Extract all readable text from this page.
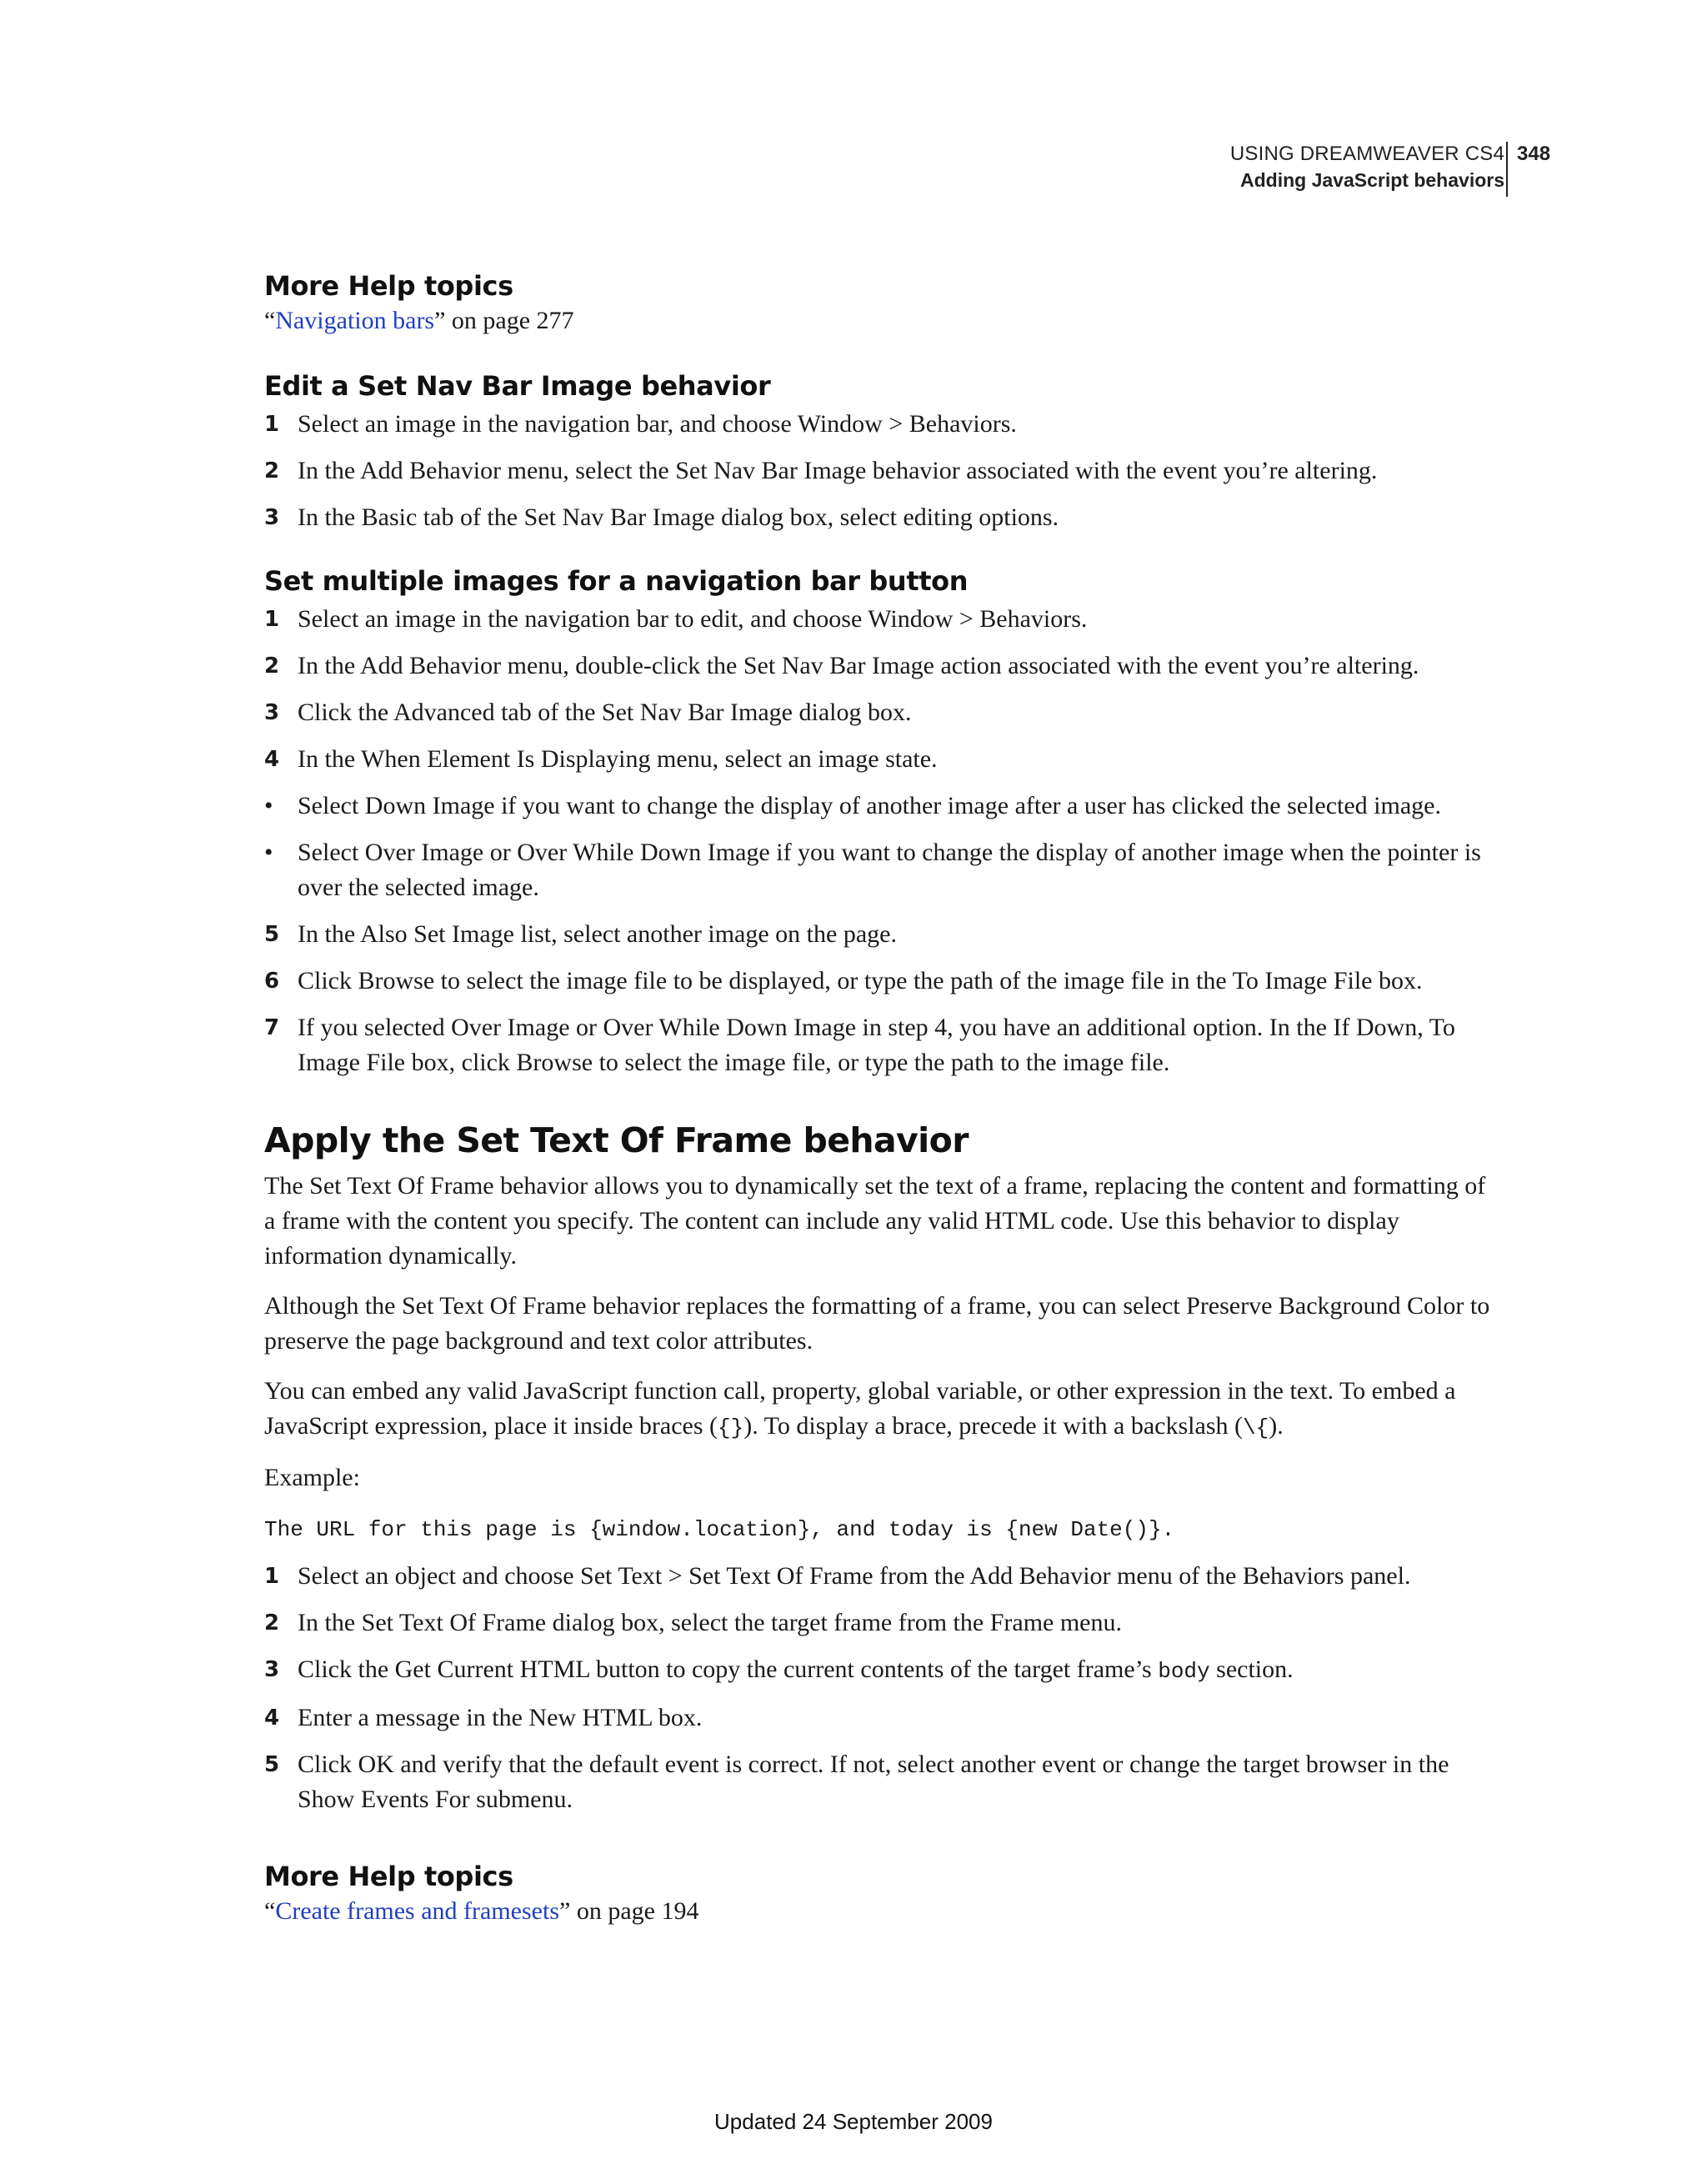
USING DREAMWEAVER CS4
Adding JavaScript behaviors
348
More Help topics

“Navigation bars” on page 277

Edit a Set Nav Bar Image behavior
1 Select an image in the navigation bar, and choose Window > Behaviors.
2 In the Add Behavior menu, select the Set Nav Bar Image behavior associated with the event you’re altering.
3 In the Basic tab of the Set Nav Bar Image dialog box, select editing options.
Set multiple images for a navigation bar button
1 Select an image in the navigation bar to edit, and choose Window > Behaviors.
2 In the Add Behavior menu, double-click the Set Nav Bar Image action associated with the event you’re altering.
3 Click the Advanced tab of the Set Nav Bar Image dialog box.
4 In the When Element Is Displaying menu, select an image state.
• Select Down Image if you want to change the display of another image after a user has clicked the selected image.
• Select Over Image or Over While Down Image if you want to change the display of another image when the pointer is over the selected image.
5 In the Also Set Image list, select another image on the page.
6 Click Browse to select the image file to be displayed, or type the path of the image file in the To Image File box.
7 If you selected Over Image or Over While Down Image in step 4, you have an additional option. In the If Down, To Image File box, click Browse to select the image file, or type the path to the image file.
Apply the Set Text Of Frame behavior

The Set Text Of Frame behavior allows you to dynamically set the text of a frame, replacing the content and formatting of a frame with the content you specify. The content can include any valid HTML code. Use this behavior to display information dynamically.

Although the Set Text Of Frame behavior replaces the formatting of a frame, you can select Preserve Background Color to preserve the page background and text color attributes.

You can embed any valid JavaScript function call, property, global variable, or other expression in the text. To embed a JavaScript expression, place it inside braces ({}). To display a brace, precede it with a backslash (\{).

Example:

The URL for this page is {window.location}, and today is {new Date()}.

1 Select an object and choose Set Text > Set Text Of Frame from the Add Behavior menu of the Behaviors panel.
2 In the Set Text Of Frame dialog box, select the target frame from the Frame menu.
3 Click the Get Current HTML button to copy the current contents of the target frame’s body section.
4 Enter a message in the New HTML box.
5 Click OK and verify that the default event is correct. If not, select another event or change the target browser in the Show Events For submenu.
More Help topics

“Create frames and framesets” on page 194

Updated 24 September 2009
